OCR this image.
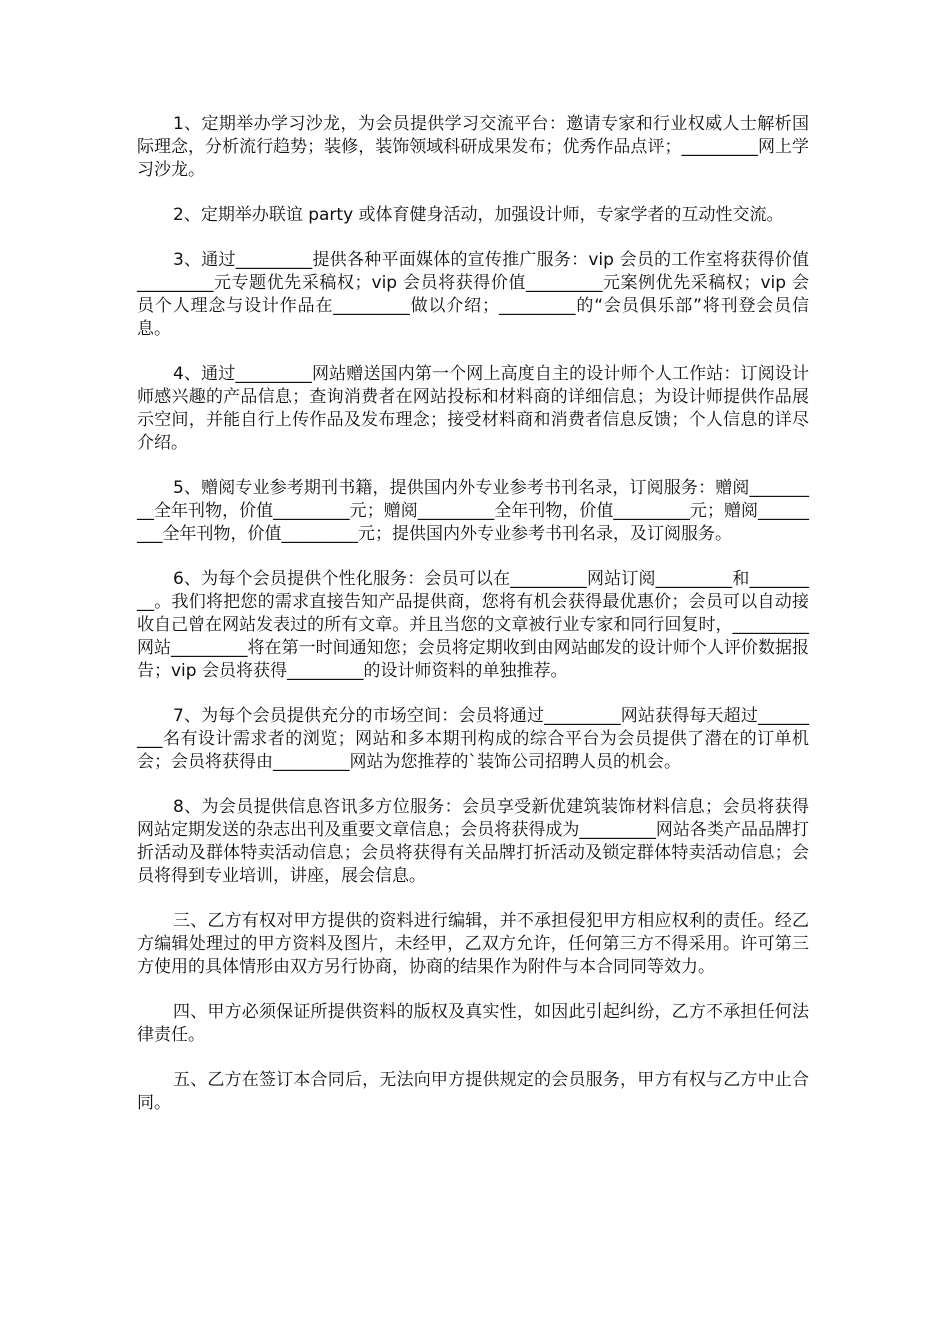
1、定期举办学习沙龙，为会员提供学习交流平台：邀请专家和行业权威人士解析国际理念，分析流行趋势；装修，装饰领域科研成果发布；优秀作品点评；_________网上学习沙龙。

2、定期举办联谊 party 或体育健身活动，加强设计师，专家学者的互动性交流。

3、通过_________提供各种平面媒体的宣传推广服务：vip 会员的工作室将获得价值_________元专题优先采稿权；vip 会员将获得价值_________元案例优先采稿权；vip 会员个人理念与设计作品在_________做以介绍；_________的“会员俱乐部”将刊登会员信息。

4、通过_________网站赠送国内第一个网上高度自主的设计师个人工作站：订阅设计师感兴趣的产品信息；查询消费者在网站投标和材料商的详细信息；为设计师提供作品展示空间，并能自行上传作品及发布理念；接受材料商和消费者信息反馈；个人信息的详尽介绍。

5、赠阅专业参考期刊书籍，提供国内外专业参考书刊名录，订阅服务：赠阅_________全年刊物，价值_________元；赠阅_________全年刊物，价值_________元；赠阅_________全年刊物，价值_________元；提供国内外专业参考书刊名录，及订阅服务。

6、为每个会员提供个性化服务：会员可以在_________网站订阅_________和_________。我们将把您的需求直接告知产品提供商，您将有机会获得最优惠价；会员可以自动接收自己曾在网站发表过的所有文章。并且当您的文章被行业专家和同行回复时，_________网站_________将在第一时间通知您；会员将定期收到由网站邮发的设计师个人评价数据报告；vip 会员将获得_________的设计师资料的单独推荐。

7、为每个会员提供充分的市场空间：会员将通过_________网站获得每天超过_________名有设计需求者的浏览；网站和多本期刊构成的综合平台为会员提供了潜在的订单机会；会员将获得由_________网站为您推荐的`装饰公司招聘人员的机会。

8、为会员提供信息咨讯多方位服务：会员享受新优建筑装饰材料信息；会员将获得网站定期发送的杂志出刊及重要文章信息；会员将获得成为_________网站各类产品品牌打折活动及群体特卖活动信息；会员将获得有关品牌打折活动及锁定群体特卖活动信息；会员将得到专业培训，讲座，展会信息。

三、乙方有权对甲方提供的资料进行编辑，并不承担侵犯甲方相应权利的责任。经乙方编辑处理过的甲方资料及图片，未经甲，乙双方允许，任何第三方不得采用。许可第三方使用的具体情形由双方另行协商，协商的结果作为附件与本合同同等效力。

四、甲方必须保证所提供资料的版权及真实性，如因此引起纠纷，乙方不承担任何法律责任。

五、乙方在签订本合同后，无法向甲方提供规定的会员服务，甲方有权与乙方中止合同。
